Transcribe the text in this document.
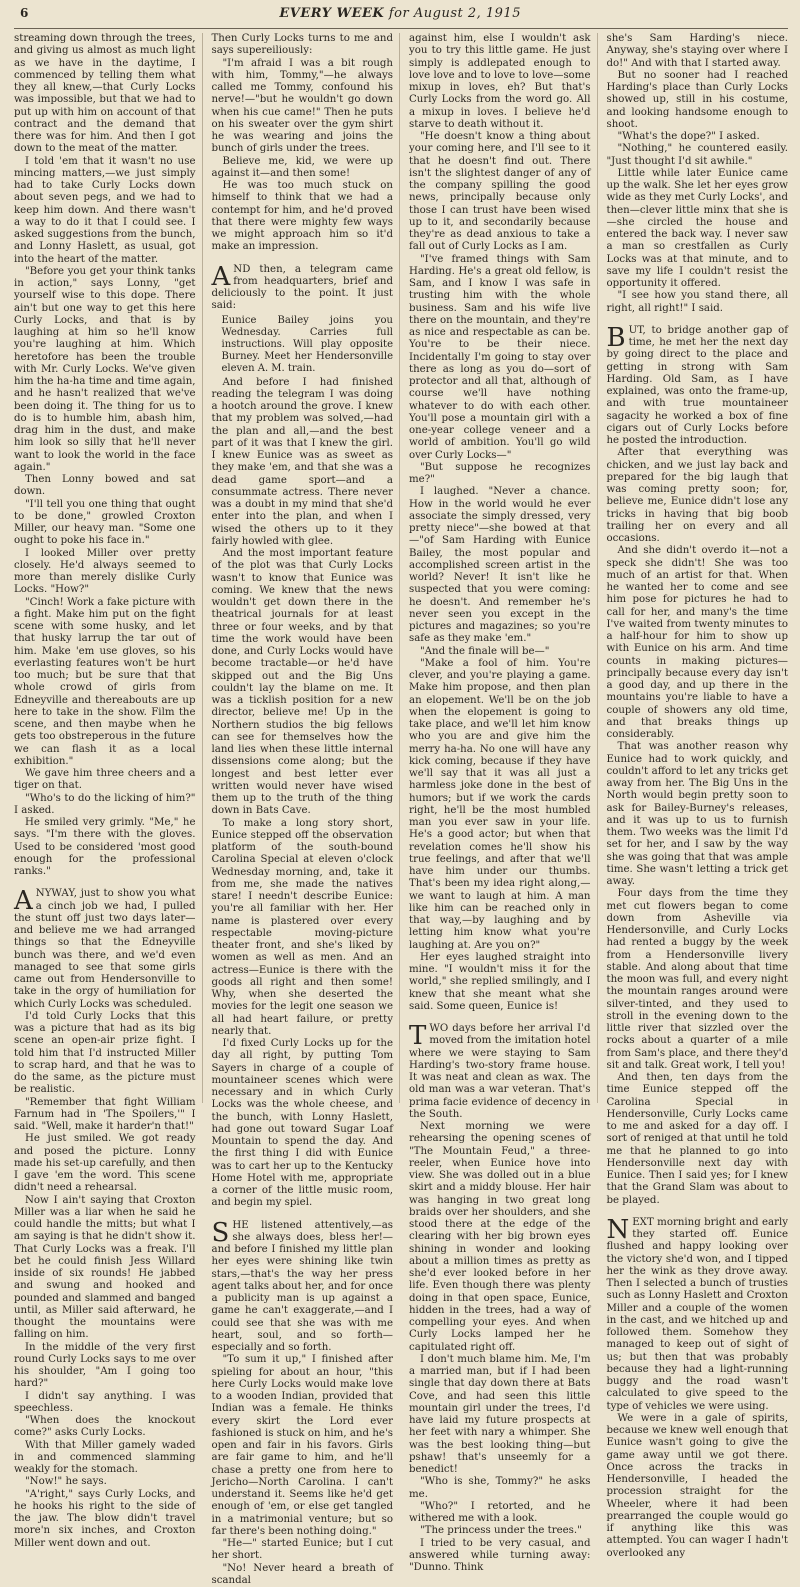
6	EVERY WEEK for August 2, 1915

streaming down through the trees, and giving us almost as much light as we have in the daytime, I commenced by telling them what they all knew,—that Curly Locks was impossible, but that we had to put up with him on account of that contract and the demand that there was for him. And then I got down to the meat of the matter.

I told 'em that it wasn't no use mincing matters,—we just simply had to take Curly Locks down about seven pegs, and we had to keep him down. And there wasn't a way to do it that I could see. I asked suggestions from the bunch, and Lonny Haslett, as usual, got into the heart of the matter.

"Before you get your think tanks in action," says Lonny, "get yourself wise to this dope. There ain't but one way to get this here Curly Locks, and that is by laughing at him so he'll know you're laughing at him. Which heretofore has been the trouble with Mr. Curly Locks. We've given him the ha-ha time and time again, and he hasn't realized that we've been doing it. The thing for us to do is to humble him, abash him, drag him in the dust, and make him look so silly that he'll never want to look the world in the face again."

Then Lonny bowed and sat down.

"I'll tell you one thing that ought to be done," growled Croxton Miller, our heavy man. "Some one ought to poke his face in."

I looked Miller over pretty closely. He'd always seemed to more than merely dislike Curly Locks. "How?"

"Cinch! Work a fake picture with a fight. Make him put on the fight scene with some husky, and let that husky larrup the tar out of him. Make 'em use gloves, so his everlasting features won't be hurt too much; but be sure that that whole crowd of girls from Edneyville and thereabouts are up here to take in the show. Film the scene, and then maybe when he gets too obstreperous in the future we can flash it as a local exhibition."

We gave him three cheers and a tiger on that.

"Who's to do the licking of him?" I asked.

He smiled very grimly. "Me," he says. "I'm there with the gloves. Used to be considered 'most good enough for the professional ranks."

ANYWAY, just to show you what a cinch job we had, I pulled the stunt off just two days later—and believe me we had arranged things so that the Edneyville bunch was there, and we'd even managed to see that some girls came out from Hendersonville to take in the orgy of humiliation for which Curly Locks was scheduled.

I'd told Curly Locks that this was a picture that had as its big scene an open-air prize fight. I told him that I'd instructed Miller to scrap hard, and that he was to do the same, as the picture must be realistic.

"Remember that fight William Farnum had in 'The Spoilers,'" I said. "Well, make it harder'n that!"

He just smiled. We got ready and posed the picture. Lonny made his set-up carefully, and then I gave 'em the word. This scene didn't need a rehearsal.

Now I ain't saying that Croxton Miller was a liar when he said he could handle the mitts; but what I am saying is that he didn't show it. That Curly Locks was a freak. I'll bet he could finish Jess Willard inside of six rounds! He jabbed and swung and hooked and pounded and slammed and banged until, as Miller said afterward, he thought the mountains were falling on him.

In the middle of the very first round Curly Locks says to me over his shoulder, "Am I going too hard?"

I didn't say anything. I was speechless.

"When does the knockout come?" asks Curly Locks.

With that Miller gamely waded in and commenced slamming weakly for the stomach.

"Now!" he says.

"A'right," says Curly Locks, and he hooks his right to the side of the jaw. The blow didn't travel more'n six inches, and Croxton Miller went down and out.

Then Curly Locks turns to me and says supereiliously:

"I'm afraid I was a bit rough with him, Tommy,"—he always called me Tommy, confound his nerve!—"but he wouldn't go down when his cue came!" Then he puts on his sweater over the gym shirt he was wearing and joins the bunch of girls under the trees.

Believe me, kid, we were up against it—and then some!

He was too much stuck on himself to think that we had a contempt for him, and he'd proved that there were mighty few ways we might approach him so it'd make an impression.

AND then, a telegram came from headquarters, brief and deliciously to the point. It just said:

Eunice Bailey joins you Wednesday. Carries full instructions. Will play opposite Burney. Meet her Hendersonville eleven A. M. train.

And before I had finished reading the telegram I was doing a hootch around the grove. I knew that my problem was solved,—had the plan and all,—and the best part of it was that I knew the girl. I knew Eunice was as sweet as they make 'em, and that she was a dead game sport—and a consummate actress. There never was a doubt in my mind that she'd enter into the plan, and when I wised the others up to it they fairly howled with glee.

And the most important feature of the plot was that Curly Locks wasn't to know that Eunice was coming. We knew that the news wouldn't get down there in the theatrical journals for at least three or four weeks, and by that time the work would have been done, and Curly Locks would have become tractable—or he'd have skipped out and the Big Uns couldn't lay the blame on me. It was a ticklish position for a new director, believe me! Up in the Northern studios the big fellows can see for themselves how the land lies when these little internal dissensions come along; but the longest and best letter ever written would never have wised them up to the truth of the thing down in Bats Cave.

To make a long story short, Eunice stepped off the observation platform of the south-bound Carolina Special at eleven o'clock Wednesday morning, and, take it from me, she made the natives stare! I needn't describe Eunice: you're all familiar with her. Her name is plastered over every respectable moving-picture theater front, and she's liked by women as well as men. And an actress—Eunice is there with the goods all right and then some! Why, when she deserted the movies for the legit one season we all had heart failure, or pretty nearly that.

I'd fixed Curly Locks up for the day all right, by putting Tom Sayers in charge of a couple of mountaineer scenes which were necessary and in which Curly Locks was the whole cheese, and the bunch, with Lonny Haslett, had gone out toward Sugar Loaf Mountain to spend the day. And the first thing I did with Eunice was to cart her up to the Kentucky Home Hotel with me, appropriate a corner of the little music room, and begin my spiel.

SHE listened attentively,—as she always does, bless her!—and before I finished my little plan her eyes were shining like twin stars,—that's the way her press agent talks about her, and for once a publicity man is up against a game he can't exaggerate,—and I could see that she was with me heart, soul, and so forth—especially and so forth.

"To sum it up," I finished after spieling for about an hour, "this here Curly Locks would make love to a wooden Indian, provided that Indian was a female. He thinks every skirt the Lord ever fashioned is stuck on him, and he's open and fair in his favors. Girls are fair game to him, and he'll chase a pretty one from here to Jericho—North Carolina. I can't understand it. Seems like he'd get enough of 'em, or else get tangled in a matrimonial venture; but so far there's been nothing doing."

"He—" started Eunice; but I cut her short.

"No! Never heard a breath of scandal

against him, else I wouldn't ask you to try this little game. He just simply is addlepated enough to love love and to love to love—some mixup in loves, eh? But that's Curly Locks from the word go. All a mixup in loves. I believe he'd starve to death without it.

"He doesn't know a thing about your coming here, and I'll see to it that he doesn't find out. There isn't the slightest danger of any of the company spilling the good news, principally because only those I can trust have been wised up to it, and secondarily because they're as dead anxious to take a fall out of Curly Locks as I am.

"I've framed things with Sam Harding. He's a great old fellow, is Sam, and I know I was safe in trusting him with the whole business. Sam and his wife live there on the mountain, and they're as nice and respectable as can be. You're to be their niece. Incidentally I'm going to stay over there as long as you do—sort of protector and all that, although of course we'll have nothing whatever to do with each other. You'll pose a mountain girl with a one-year college veneer and a world of ambition. You'll go wild over Curly Locks—"

"But suppose he recognizes me?"

I laughed. "Never a chance. How in the world would he ever associate the simply dressed, very pretty niece"—she bowed at that—"of Sam Harding with Eunice Bailey, the most popular and accomplished screen artist in the world? Never! It isn't like he suspected that you were coming: he doesn't. And remember he's never seen you except in the pictures and magazines; so you're safe as they make 'em."

"And the finale will be—"

"Make a fool of him. You're clever, and you're playing a game. Make him propose, and then plan an elopement. We'll be on the job when the elopement is going to take place, and we'll let him know who you are and give him the merry ha-ha. No one will have any kick coming, because if they have we'll say that it was all just a harmless joke done in the best of humors; but if we work the cards right, he'll be the most humbled man you ever saw in your life. He's a good actor; but when that revelation comes he'll show his true feelings, and after that we'll have him under our thumbs. That's been my idea right along,—we want to laugh at him. A man like him can be reached only in that way,—by laughing and by letting him know what you're laughing at. Are you on?"

Her eyes laughed straight into mine. "I wouldn't miss it for the world," she replied smilingly, and I knew that she meant what she said. Some queen, Eunice is!

TWO days before her arrival I'd moved from the imitation hotel where we were staying to Sam Harding's two-story frame house. It was neat and clean as wax. The old man was a war veteran. That's prima facie evidence of decency in the South.

Next morning we were rehearsing the opening scenes of "The Mountain Feud," a three-reeler, when Eunice hove into view. She was dolled out in a blue skirt and a middy blouse. Her hair was hanging in two great long braids over her shoulders, and she stood there at the edge of the clearing with her big brown eyes shining in wonder and looking about a million times as pretty as she'd ever looked before in her life. Even though there was plenty doing in that open space, Eunice, hidden in the trees, had a way of compelling your eyes. And when Curly Locks lamped her he capitulated right off.

I don't much blame him. Me, I'm a married man, but if I had been single that day down there at Bats Cove, and had seen this little mountain girl under the trees, I'd have laid my future prospects at her feet with nary a whimper. She was the best looking thing—but pshaw! that's unseemly for a benedict!

"Who is she, Tommy?" he asks me.

"Who?" I retorted, and he withered me with a look.

"The princess under the trees."

I tried to be very casual, and answered while turning away: "Dunno. Think

she's Sam Harding's niece. Anyway, she's staying over where I do!" And with that I started away.

But no sooner had I reached Harding's place than Curly Locks showed up, still in his costume, and looking handsome enough to shoot.

"What's the dope?" I asked.

"Nothing," he countered easily. "Just thought I'd sit awhile."

Little while later Eunice came up the walk. She let her eyes grow wide as they met Curly Locks', and then—clever little minx that she is—she circled the house and entered the back way. I never saw a man so crestfallen as Curly Locks was at that minute, and to save my life I couldn't resist the opportunity it offered.

"I see how you stand there, all right, all right!" I said.

BUT, to bridge another gap of time, he met her the next day by going direct to the place and getting in strong with Sam Harding. Old Sam, as I have explained, was onto the frame-up, and with true mountaineer sagacity he worked a box of fine cigars out of Curly Locks before he posted the introduction.

After that everything was chicken, and we just lay back and prepared for the big laugh that was coming pretty soon; for, believe me, Eunice didn't lose any tricks in having that big boob trailing her on every and all occasions.

And she didn't overdo it—not a speck she didn't! She was too much of an artist for that. When he wanted her to come and see him pose for pictures he had to call for her, and many's the time I've waited from twenty minutes to a half-hour for him to show up with Eunice on his arm. And time counts in making pictures—principally because every day isn't a good day, and up there in the mountains you're liable to have a couple of showers any old time, and that breaks things up considerably.

That was another reason why Eunice had to work quickly, and couldn't afford to let any tricks get away from her. The Big Uns in the North would begin pretty soon to ask for Bailey-Burney's releases, and it was up to us to furnish them. Two weeks was the limit I'd set for her, and I saw by the way she was going that that was ample time. She wasn't letting a trick get away.

Four days from the time they met cut flowers began to come down from Asheville via Hendersonville, and Curly Locks had rented a buggy by the week from a Hendersonville livery stable. And along about that time the moon was full, and every night the mountain ranges around were silver-tinted, and they used to stroll in the evening down to the little river that sizzled over the rocks about a quarter of a mile from Sam's place, and there they'd sit and talk. Great work, I tell you!

And then, ten days from the time Eunice stepped off the Carolina Special in Hendersonville, Curly Locks came to me and asked for a day off. I sort of reniged at that until he told me that he planned to go into Hendersonville next day with Eunice. Then I said yes; for I knew that the Grand Slam was about to be played.

NEXT morning bright and early they started off. Eunice flushed and happy looking over the victory she'd won, and I tipped her the wink as they drove away. Then I selected a bunch of trusties such as Lonny Haslett and Croxton Miller and a couple of the women in the cast, and we hitched up and followed them. Somehow they managed to keep out of sight of us; but then that was probably because they had a light-running buggy and the road wasn't calculated to give speed to the type of vehicles we were using.

We were in a gale of spirits, because we knew well enough that Eunice wasn't going to give the game away until we got there. Once across the tracks in Hendersonville, I headed the procession straight for the Wheeler, where it had been prearranged the couple would go if anything like this was attempted. You can wager I hadn't overlooked any
